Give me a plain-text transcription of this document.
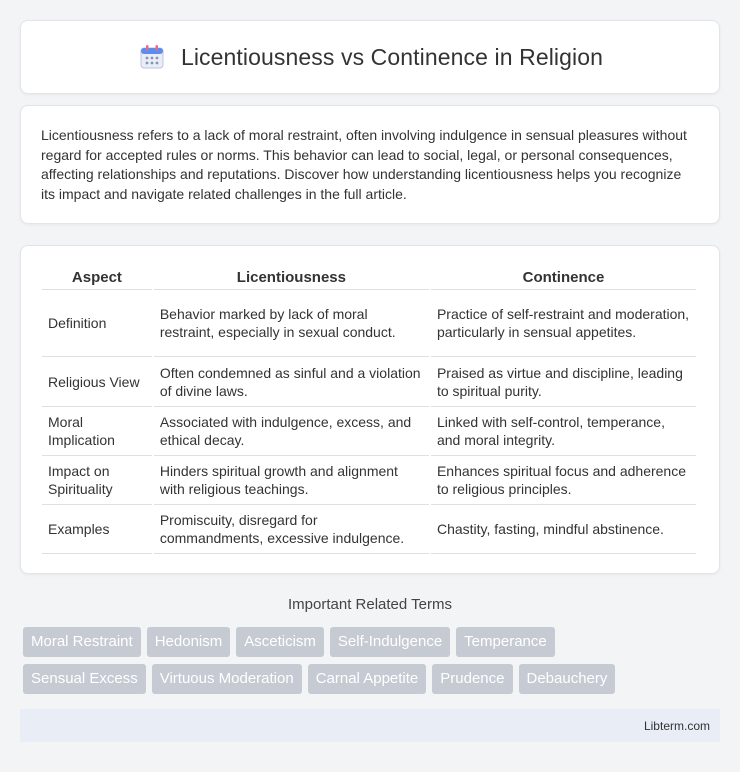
Licentiousness vs Continence in Religion

Licentiousness refers to a lack of moral restraint, often involving indulgence in sensual pleasures without regard for accepted rules or norms. This behavior can lead to social, legal, or personal consequences, affecting relationships and reputations. Discover how understanding licentiousness helps you recognize its impact and navigate related challenges in the full article.

Aspect	Licentiousness	Continence
Definition	Behavior marked by lack of moral restraint, especially in sexual conduct.	Practice of self-restraint and moderation, particularly in sensual appetites.
Religious View	Often condemned as sinful and a violation of divine laws.	Praised as virtue and discipline, leading to spiritual purity.
Moral Implication	Associated with indulgence, excess, and ethical decay.	Linked with self-control, temperance, and moral integrity.
Impact on Spirituality	Hinders spiritual growth and alignment with religious teachings.	Enhances spiritual focus and adherence to religious principles.
Examples	Promiscuity, disregard for commandments, excessive indulgence.	Chastity, fasting, mindful abstinence.
Important Related Terms
Moral Restraint	Hedonism	Asceticism	Self-Indulgence	Temperance
Sensual Excess	Virtuous Moderation	Carnal Appetite	Prudence	Debauchery
Libterm.com
